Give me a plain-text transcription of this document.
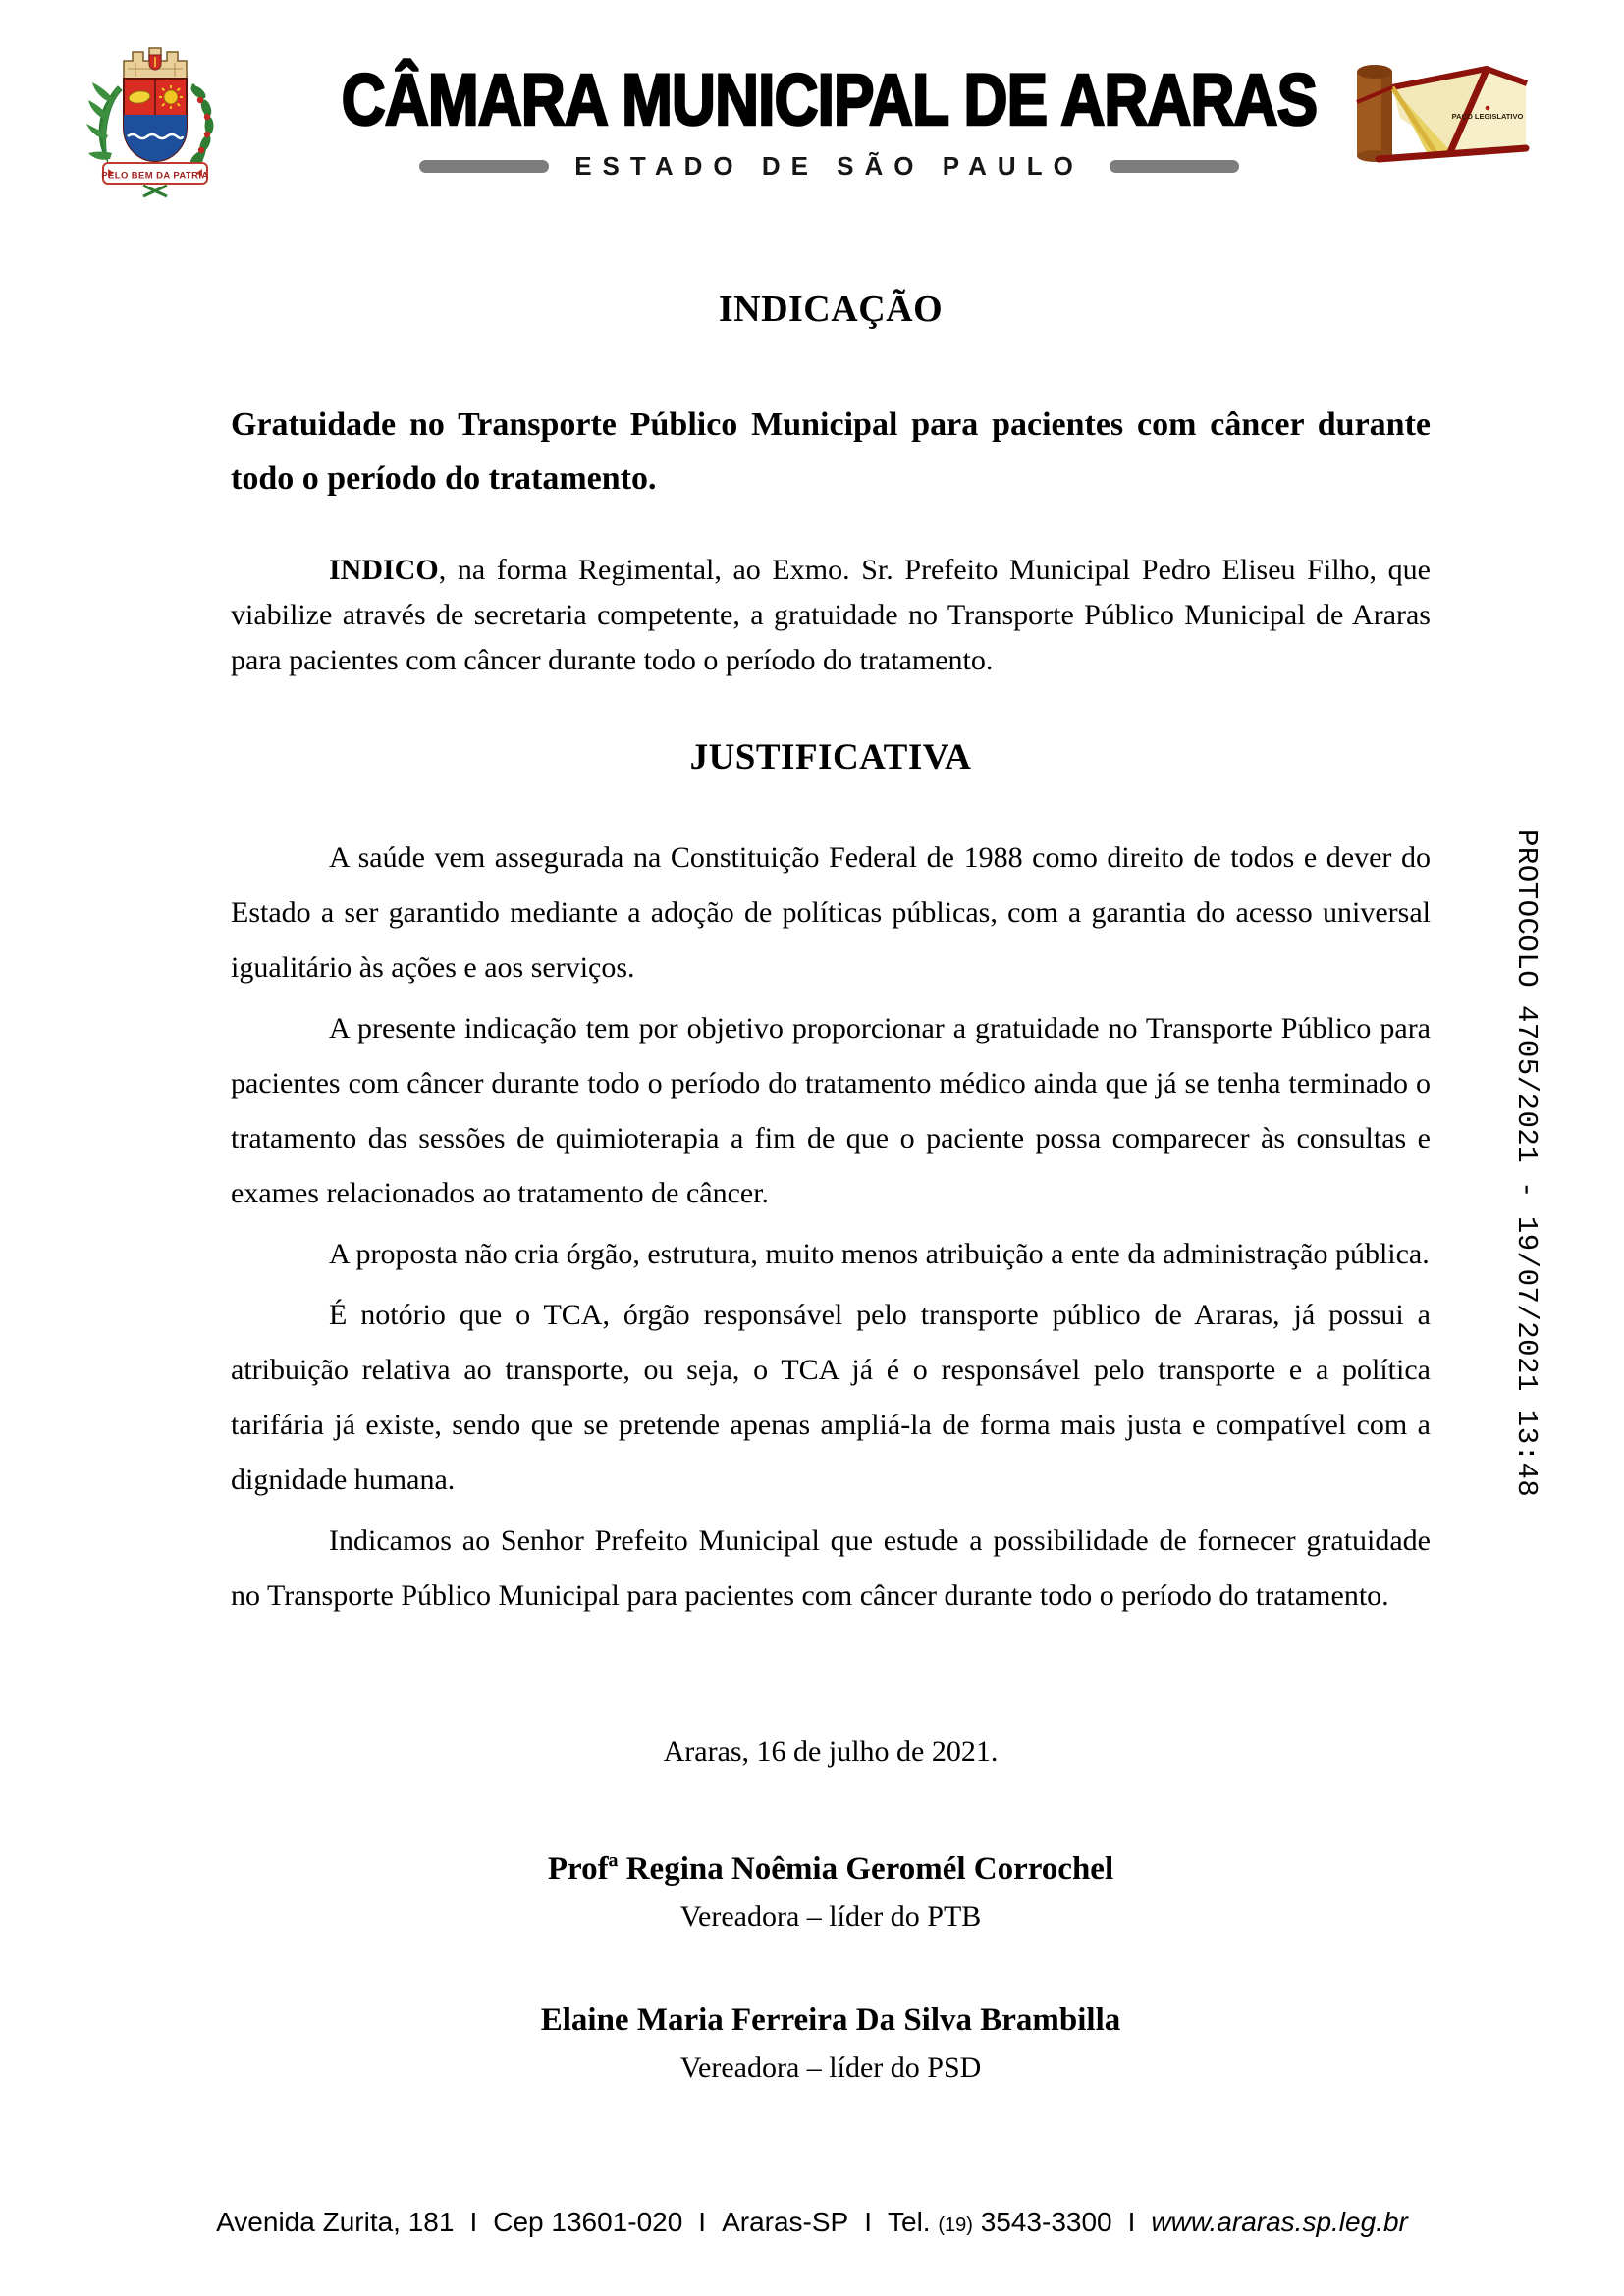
PELO BEM DA PATRIA
CÂMARA MUNICIPAL DE ARARAS
ESTADO DE SÃO PAULO
PAÇO LEGISLATIVO
INDICAÇÃO

Gratuidade no Transporte Público Municipal para pacientes com câncer durante todo o período do tratamento.

INDICO, na forma Regimental, ao Exmo. Sr. Prefeito Municipal Pedro Eliseu Filho, que viabilize através de secretaria competente, a gratuidade no Transporte Público Municipal de Araras para pacientes com câncer durante todo o período do tratamento.

JUSTIFICATIVA

A saúde vem assegurada na Constituição Federal de 1988 como direito de todos e dever do Estado a ser garantido mediante a adoção de políticas públicas, com a garantia do acesso universal igualitário às ações e aos serviços.

A presente indicação tem por objetivo proporcionar a gratuidade no Transporte Público para pacientes com câncer durante todo o período do tratamento médico ainda que já se tenha terminado o tratamento das sessões de quimioterapia a fim de que o paciente possa comparecer às consultas e exames relacionados ao tratamento de câncer.

A proposta não cria órgão, estrutura, muito menos atribuição a ente da administração pública.

É notório que o TCA, órgão responsável pelo transporte público de Araras, já possui a atribuição relativa ao transporte, ou seja, o TCA já é o responsável pelo transporte e a política tarifária já existe, sendo que se pretende apenas ampliá-la de forma mais justa e compatível com a dignidade humana.

Indicamos ao Senhor Prefeito Municipal que estude a possibilidade de fornecer gratuidade no Transporte Público Municipal para pacientes com câncer durante todo o período do tratamento.

Araras, 16 de julho de 2021.

Profª Regina Noêmia Geromél Corrochel

Vereadora – líder do PTB

Elaine Maria Ferreira Da Silva Brambilla

Vereadora – líder do PSD

PROTOCOLO 4705/2021 - 19/07/2021 13:48
Avenida Zurita, 181 I Cep 13601-020 I Araras-SP I Tel. (19) 3543-3300 I www.araras.sp.leg.br
